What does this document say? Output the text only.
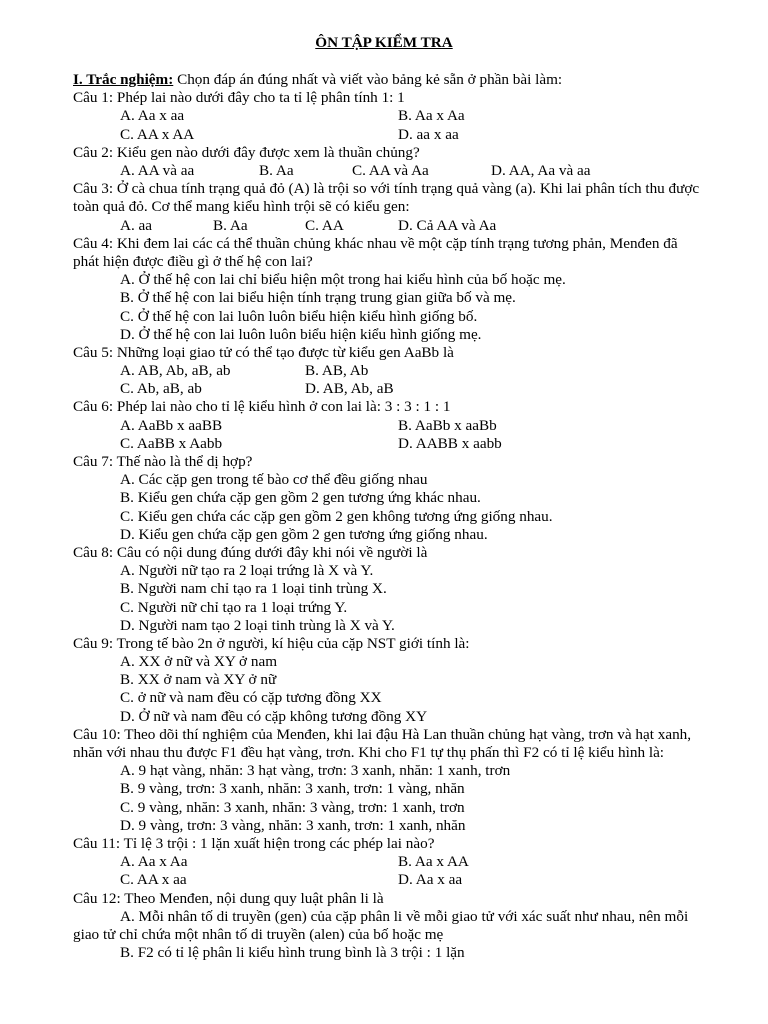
ÔN TẬP KIỂM TRA
I. Trắc nghiệm: Chọn đáp án đúng nhất và viết vào bảng kẻ sẵn ở phần bài làm:
Câu 1: Phép lai nào dưới đây cho ta tỉ lệ phân tính 1: 1
A. Aa x aa	B. Aa x Aa
C. AA x AA	D. aa x aa
Câu 2: Kiểu gen nào dưới đây được xem là thuần chủng?
A. AA và aa	B. Aa	C. AA và Aa	D. AA, Aa và aa
Câu 3: Ở cà chua tính trạng quả đỏ (A) là trội so với tính trạng quả vàng (a). Khi lai phân tích thu được toàn quả đỏ. Cơ thể mang kiểu hình trội sẽ có kiểu gen:
A. aa	B. Aa	C. AA	D. Cả AA và Aa
Câu 4: Khi đem lai các cá thể thuần chủng khác nhau về một cặp tính trạng tương phản, Menđen đã phát hiện được điều gì ở thế hệ con lai?
A. Ở thế hệ con lai chỉ biểu hiện một trong hai kiểu hình của bố hoặc mẹ.
B. Ở thế hệ con lai biểu hiện tính trạng trung gian giữa bố và mẹ.
C. Ở thế hệ con lai luôn luôn biểu hiện kiểu hình giống bố.
D. Ở thế hệ con lai luôn luôn biểu hiện kiểu hình giống mẹ.
Câu 5: Những loại giao tử có thể tạo được từ kiểu gen AaBb là
A. AB, Ab, aB, ab	B. AB, Ab
C. Ab, aB, ab	D. AB, Ab, aB
Câu 6: Phép lai nào cho tỉ lệ kiểu hình ở con lai là: 3 : 3 : 1 : 1
A. AaBb x aaBB	B. AaBb x aaBb
C. AaBB x Aabb	D. AABB x aabb
Câu 7: Thế nào là thể dị hợp?
A. Các cặp gen trong tế bào cơ thể đều giống nhau
B. Kiểu gen chứa cặp gen gồm 2 gen tương ứng khác nhau.
C. Kiểu gen chứa các cặp gen gồm 2 gen không tương ứng giống nhau.
D. Kiểu gen chứa cặp gen gồm 2 gen tương ứng giống nhau.
Câu 8: Câu có nội dung đúng dưới đây khi nói về người là
A. Người nữ tạo ra 2 loại trứng là X và Y.
B. Người nam chỉ tạo ra 1 loại tinh trùng X.
C. Người nữ chỉ tạo ra 1 loại trứng Y.
D. Người nam tạo 2 loại tinh trùng là X và Y.
Câu 9: Trong tế bào 2n ở người, kí hiệu của cặp NST giới tính là:
A. XX ở nữ và XY ở nam
B. XX ở nam và XY ở nữ
C. ở nữ và nam đều có cặp tương đồng XX
D. Ở nữ và nam đều có cặp không tương đồng XY
Câu 10: Theo dõi thí nghiệm của Menđen, khi lai đậu Hà Lan thuần chủng hạt vàng, trơn và hạt xanh, nhăn với nhau thu được F1 đều hạt vàng, trơn. Khi cho F1 tự thụ phấn thì F2 có tỉ lệ kiểu hình là:
A. 9 hạt vàng, nhăn: 3 hạt vàng, trơn: 3 xanh, nhăn: 1 xanh, trơn
B. 9 vàng, trơn: 3 xanh, nhăn: 3 xanh, trơn: 1 vàng, nhăn
C. 9 vàng, nhăn: 3 xanh, nhăn: 3 vàng, trơn: 1 xanh, trơn
D. 9 vàng, trơn: 3 vàng, nhăn: 3 xanh, trơn: 1 xanh, nhăn
Câu 11: Tỉ lệ 3 trội : 1 lặn xuất hiện trong các phép lai nào?
A. Aa x Aa	B. Aa x AA
C. AA x aa	D. Aa x aa
Câu 12: Theo Menđen, nội dung quy luật phân li là
A. Mỗi nhân tố di truyền (gen) của cặp phân li về mỗi giao tử với xác suất như nhau, nên mỗi giao tử chỉ chứa một nhân tố di truyền (alen) của bố hoặc mẹ
B. F2 có tỉ lệ phân li kiểu hình trung bình là 3 trội : 1 lặn
